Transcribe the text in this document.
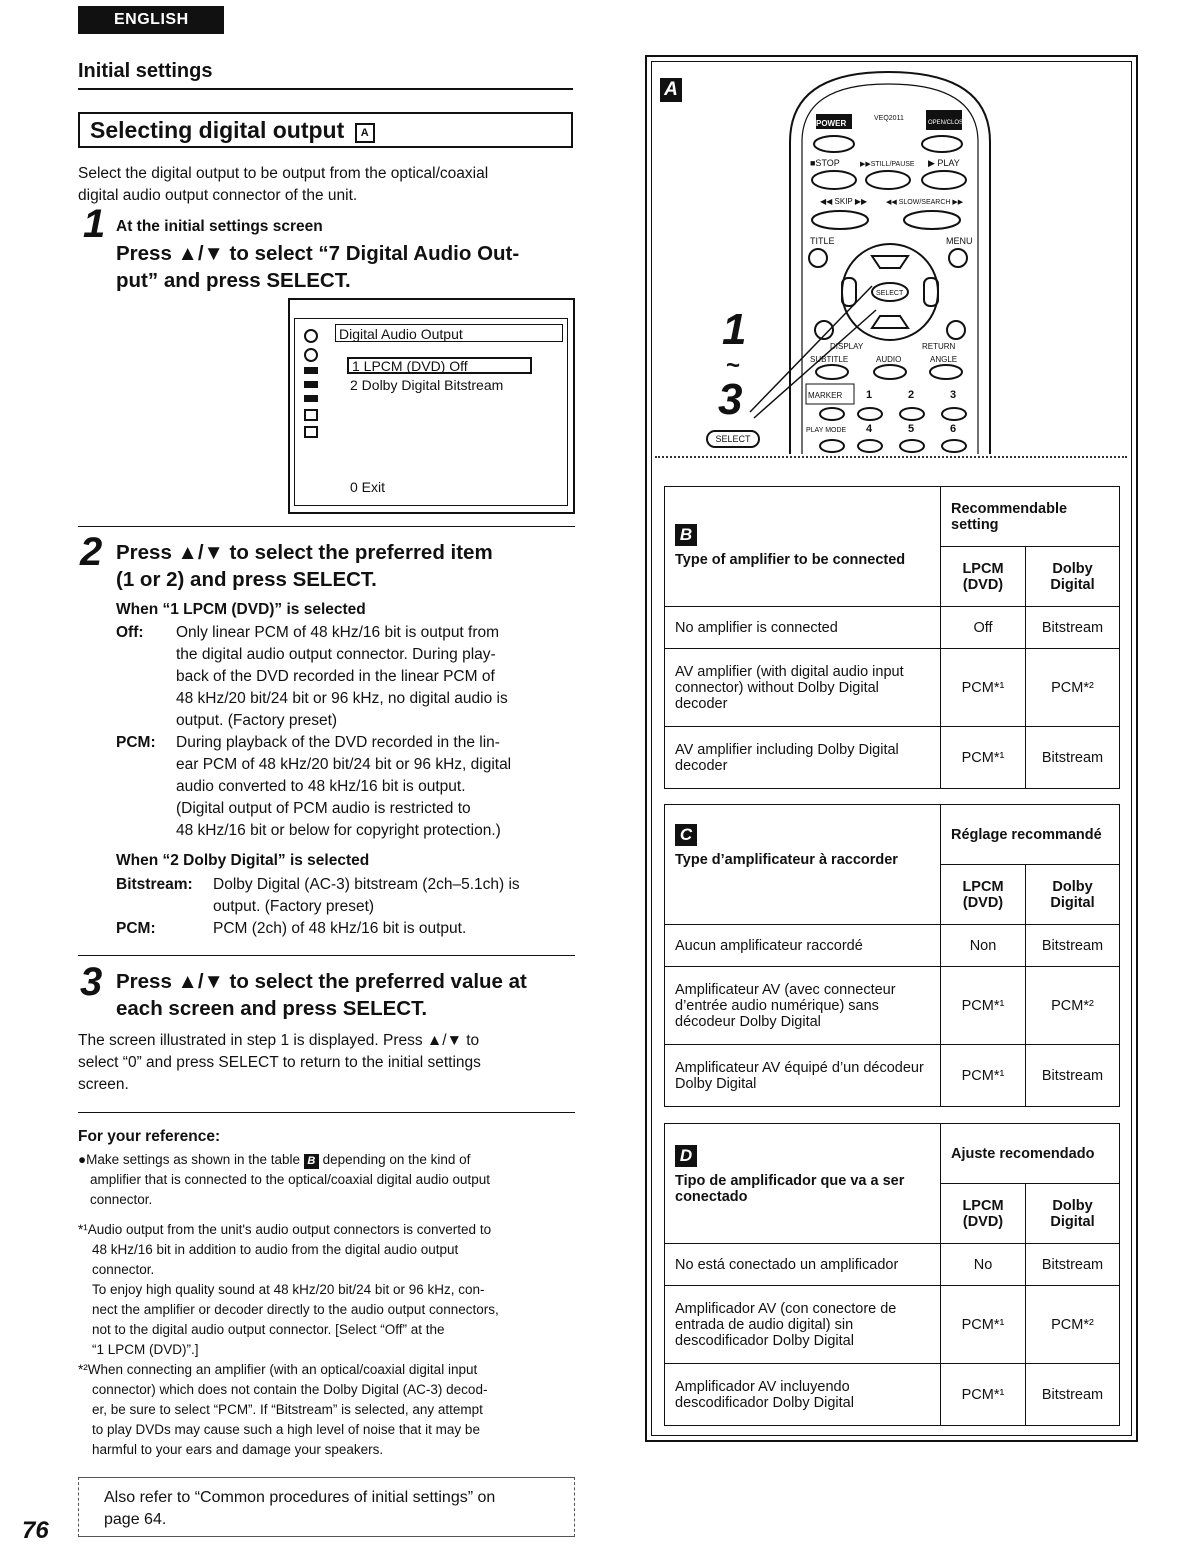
ENGLISH
Initial settings
Selecting digital output A
Select the digital output to be output from the optical/coaxial
digital audio output connector of the unit.
1 At the initial settings screen
Press ▲/▼ to select “7 Digital Audio Out-
put” and press SELECT.
Digital Audio Output
1 LPCM (DVD) Off
2 Dolby Digital Bitstream
0 Exit
2 Press ▲/▼ to select the preferred item
(1 or 2) and press SELECT.
When “1 LPCM (DVD)” is selected
Off: Only linear PCM of 48 kHz/16 bit is output from
the digital audio output connector. During play-
back of the DVD recorded in the linear PCM of
48 kHz/20 bit/24 bit or 96 kHz, no digital audio is
output. (Factory preset)
PCM: During playback of the DVD recorded in the lin-
ear PCM of 48 kHz/20 bit/24 bit or 96 kHz, digital
audio converted to 48 kHz/16 bit is output.
(Digital output of PCM audio is restricted to
48 kHz/16 bit or below for copyright protection.)
When “2 Dolby Digital” is selected
Bitstream: Dolby Digital (AC-3) bitstream (2ch–5.1ch) is
output. (Factory preset)
PCM:	PCM (2ch) of 48 kHz/16 bit is output.
3 Press ▲/▼ to select the preferred value at
each screen and press SELECT.
The screen illustrated in step 1 is displayed. Press ▲/▼ to
select “0” and press SELECT to return to the initial settings
screen.
For your reference:
●Make settings as shown in the table B depending on the kind of
amplifier that is connected to the optical/coaxial digital audio output
connector.
*¹Audio output from the unit's audio output connectors is converted to
48 kHz/16 bit in addition to audio from the digital audio output
connector.
To enjoy high quality sound at 48 kHz/20 bit/24 bit or 96 kHz, con-
nect the amplifier or decoder directly to the audio output connectors,
not to the digital audio output connector. [Select “Off” at the
“1 LPCM (DVD)”.]
*²When connecting an amplifier (with an optical/coaxial digital input
connector) which does not contain the Dolby Digital (AC-3) decod-
er, be sure to select “PCM”. If “Bitstream” is selected, any attempt
to play DVDs may cause such a high level of noise that it may be
harmful to your ears and damage your speakers.
Also refer to “Common procedures of initial settings” on
page 64.
76
A
POWER
VEQ2011
OPEN/CLOSE
■STOP	▶▶STILL/PAUSE ▶ PLAY
◀◀ SKIP ▶▶	◀◀ SLOW/SEARCH ▶▶
TITLE	MENU
SELECT
DISPLAY	RETURN
SUBTITLE	AUDIO	ANGLE
MARKER 1	2	3
PLAY MODE 4	5	6
1
~
3
SELECT
B
Type of amplifier to be connected	Recommendable setting	
	LPCM (DVD)	Dolby Digital
No amplifier is connected	Off	Bitstream
AV amplifier (with digital audio input connector) without Dolby Digital decoder	PCM*¹	PCM*²
AV amplifier including Dolby Digital decoder	PCM*¹	Bitstream
C
Type d’amplificateur à raccorder	Réglage recommandé	
	LPCM (DVD)	Dolby Digital
Aucun amplificateur raccordé	Non	Bitstream
Amplificateur AV (avec connecteur d’entrée audio numérique) sans décodeur Dolby Digital	PCM*¹	PCM*²
Amplificateur AV équipé d’un décodeur Dolby Digital	PCM*¹	Bitstream
D
Tipo de amplificador que va a ser conectado	Ajuste recomendado	
	LPCM (DVD)	Dolby Digital
No está conectado un amplificador	No	Bitstream
Amplificador AV (con conectore de entrada de audio digital) sin descodificador Dolby Digital	PCM*¹	PCM*²
Amplificador AV incluyendo descodificador Dolby Digital	PCM*¹	Bitstream
